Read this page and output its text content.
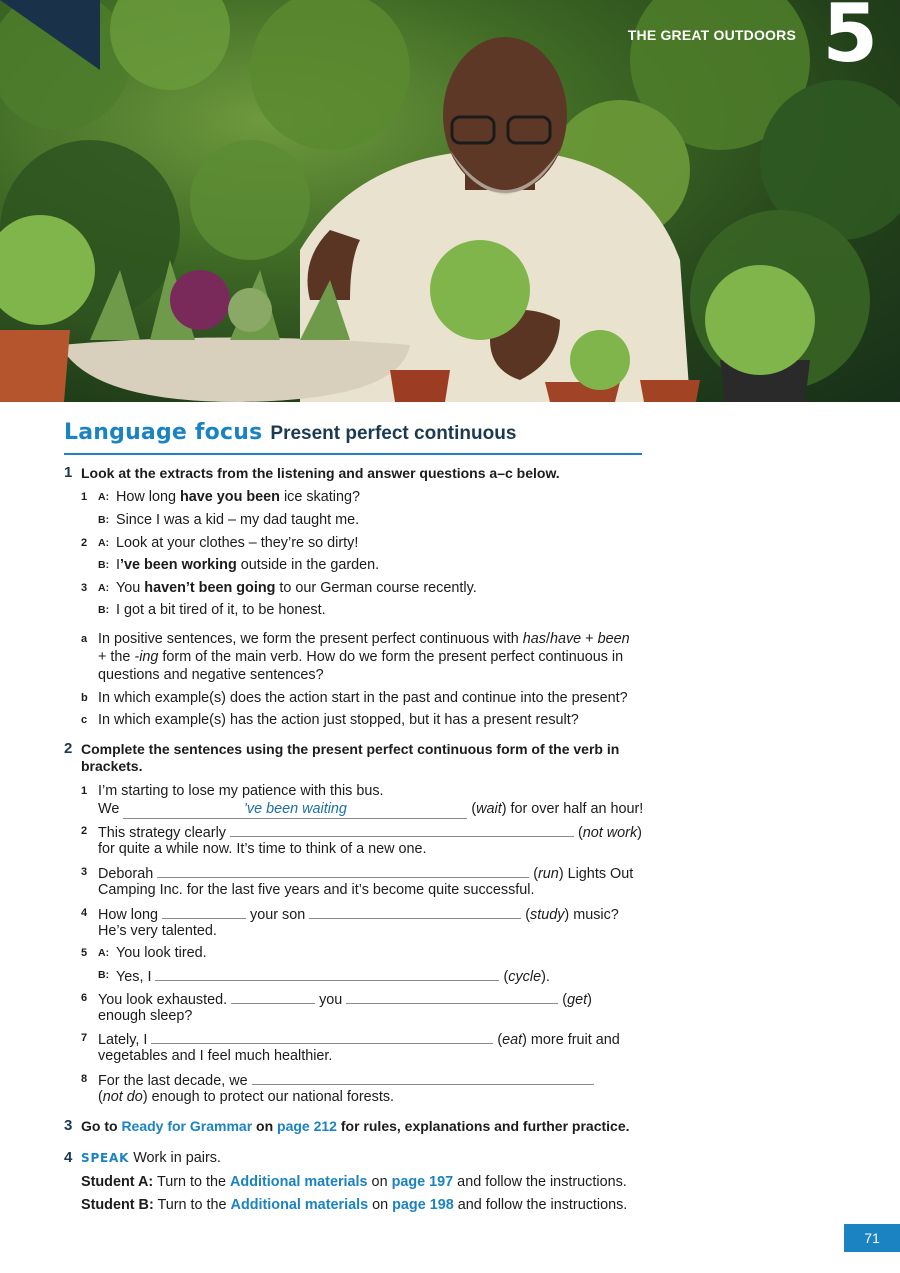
THE GREAT OUTDOORS 5
Language focus Present perfect continuous
1 Look at the extracts from the listening and answer questions a–c below.
1 A: How long have you been ice skating?
B: Since I was a kid – my dad taught me.
2 A: Look at your clothes – they’re so dirty!
B: I’ve been working outside in the garden.
3 A: You haven’t been going to our German course recently.
B: I got a bit tired of it, to be honest.
a In positive sentences, we form the present perfect continuous with has/have + been
+ the -ing form of the main verb. How do we form the present perfect continuous in
questions and negative sentences?
b In which example(s) does the action start in the past and continue into the present?
c In which example(s) has the action just stopped, but it has a present result?
2 Complete the sentences using the present perfect continuous form of the verb in
brackets.
1 I’m starting to lose my patience with this bus.
We	’ve been waiting	(wait) for over half an hour!
2 This strategy clearly	(not work)
for quite a while now. It’s time to think of a new one.
3 Deborah	(run) Lights Out
Camping Inc. for the last five years and it’s become quite successful.
4 How long	your son	(study) music?
He’s very talented.
5 A: You look tired.
B: Yes, I	(cycle).
6 You look exhausted.	you	(get)
enough sleep?
7 Lately, I	(eat) more fruit and
vegetables and I feel much healthier.
8 For the last decade, we
(not do) enough to protect our national forests.
3 Go to Ready for Grammar on page 212 for rules, explanations and further practice.
4 SPEAK Work in pairs.
Student A: Turn to the Additional materials on page 197 and follow the instructions.
Student B: Turn to the Additional materials on page 198 and follow the instructions.
71
